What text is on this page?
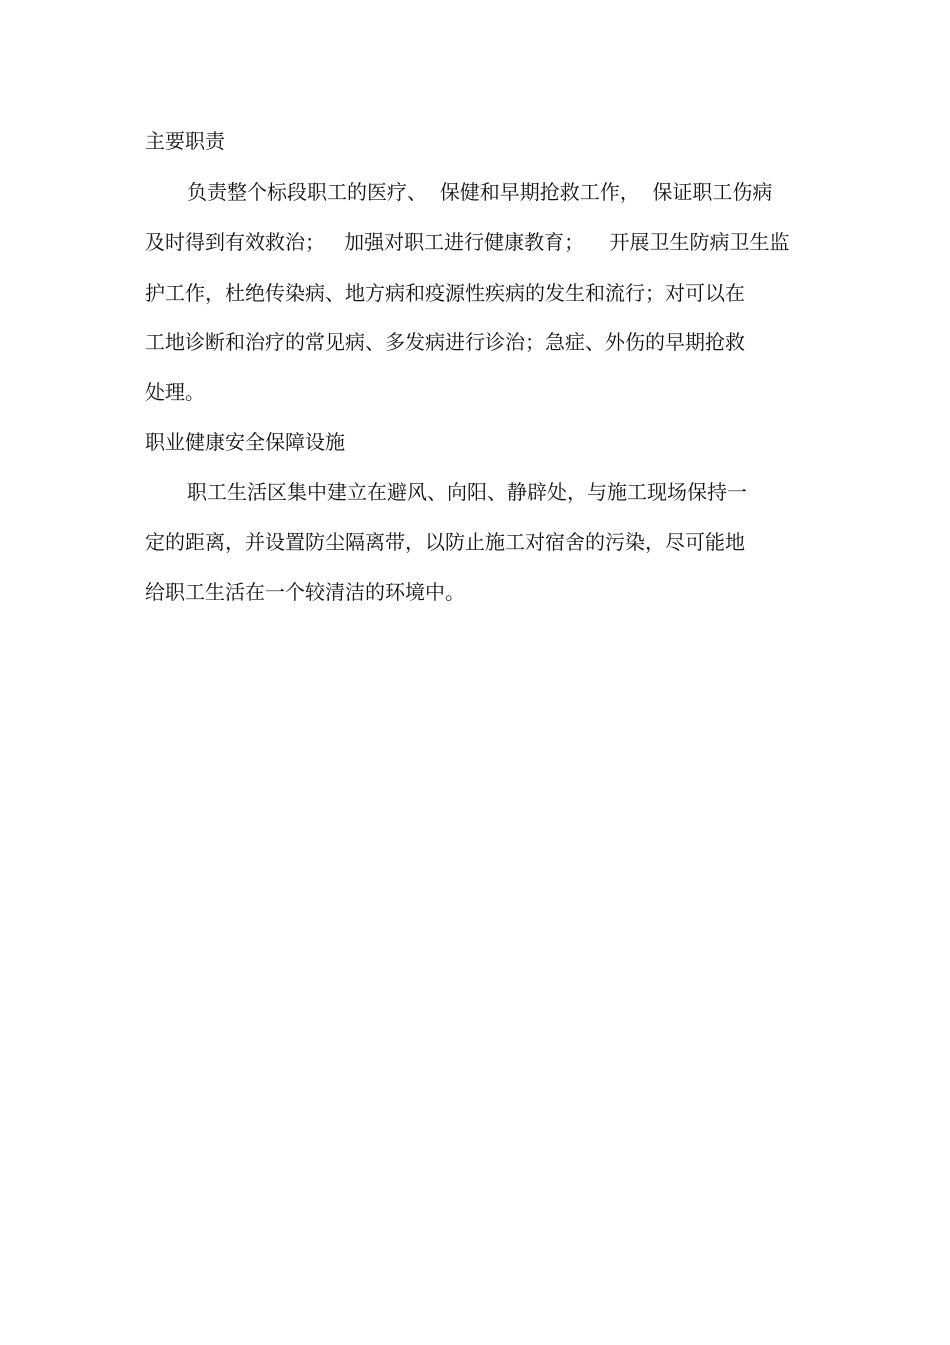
主要职责
负责整个标段职工的医疗、  保健和早期抢救工作，  保证职工伤病
及时得到有效救治；   加强对职工进行健康教育；    开展卫生防病卫生监
护工作，杜绝传染病、地方病和疫源性疾病的发生和流行；对可以在
工地诊断和治疗的常见病、多发病进行诊治；急症、外伤的早期抢救
处理。
职业健康安全保障设施
职工生活区集中建立在避风、向阳、静辟处，与施工现场保持一
定的距离，并设置防尘隔离带，以防止施工对宿舍的污染，尽可能地
给职工生活在一个较清洁的环境中。
